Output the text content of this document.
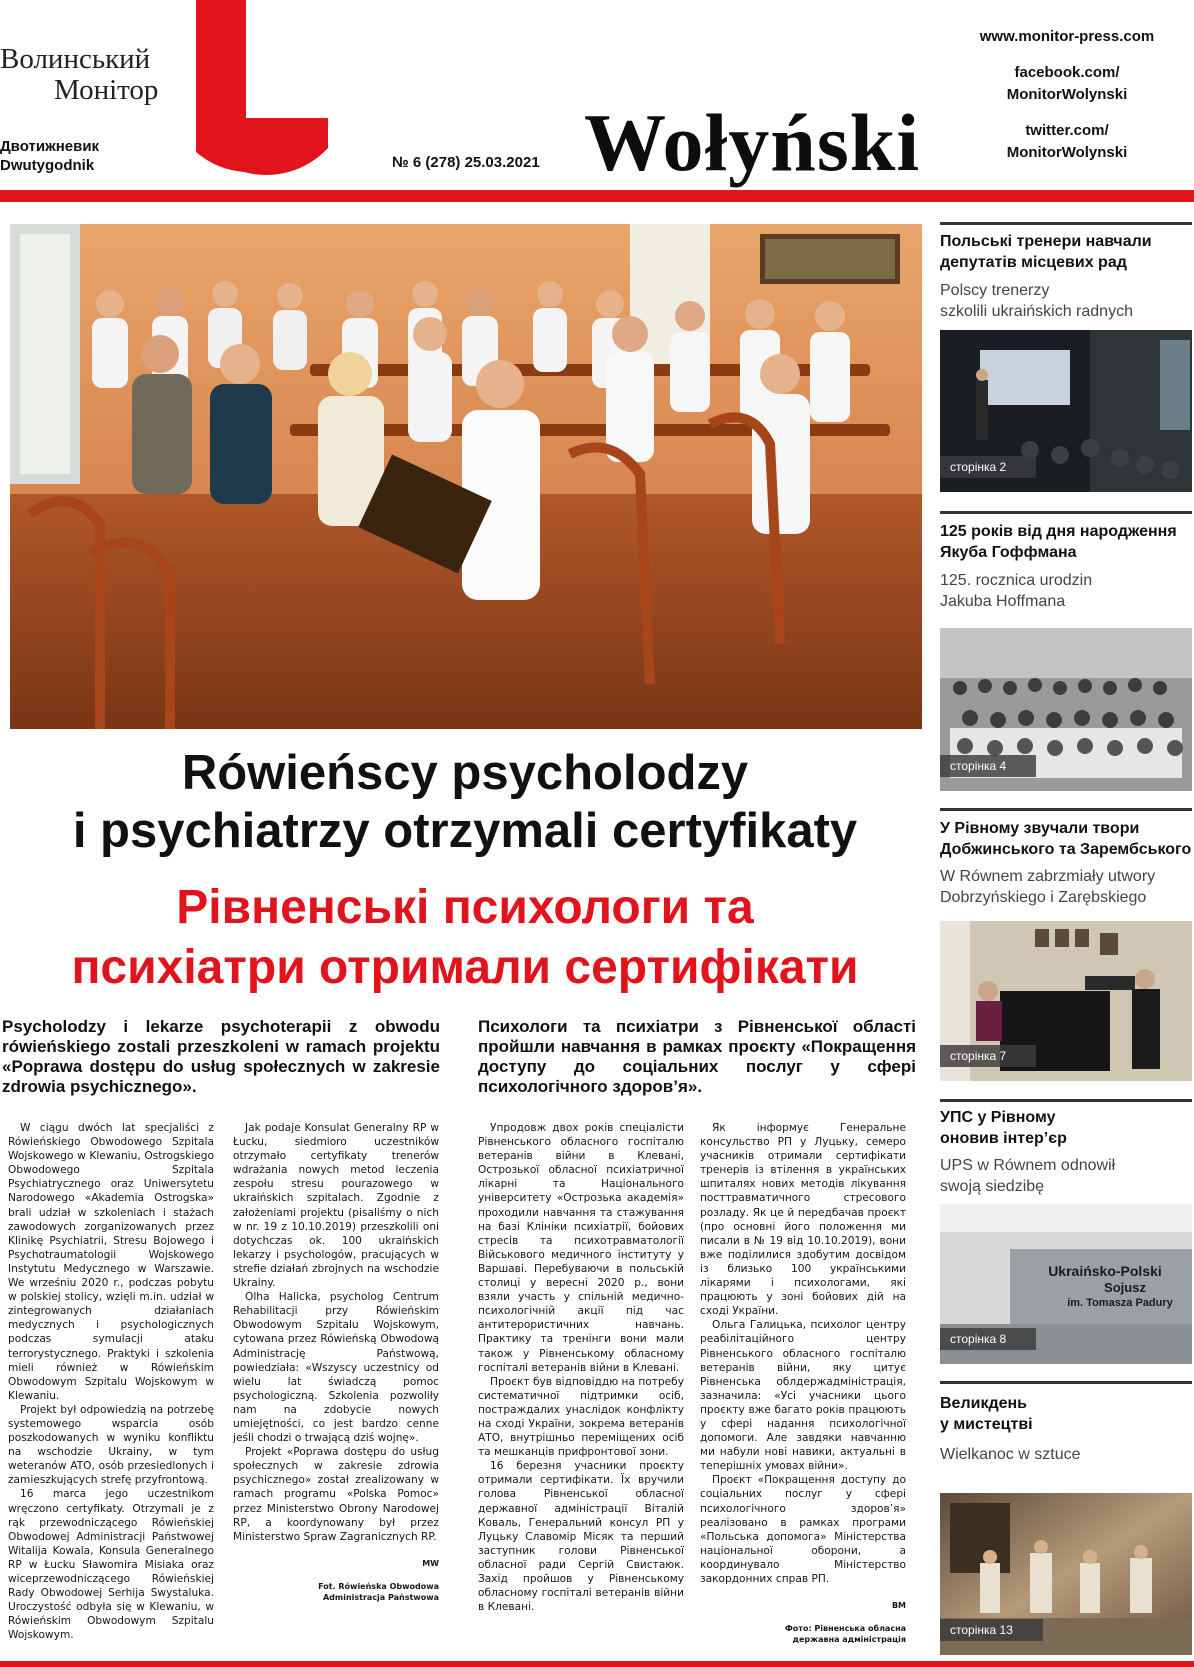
Волинський
Монітор
Двотижневик
Dwutygodnik	№ 6 (278) 25.03.2021 Wołyński
www.monitor-press.com
facebook.com/
MonitorWolynski
twitter.com/
MonitorWolynski
Rówieńscy psycholodzy
i psychiatrzy otrzymali certyfikaty
Рівненські психологи та
психіатри отримали сертифікати
Psycholodzy i lekarze psychoterapii z obwodu rówieńskiego zostali przeszkoleni w ramach projektu «Poprawa dostępu do usług społecznych w zakresie zdrowia psychicznego».
Психологи та психіатри з Рівненської області пройшли навчання в рамках проєкту «Покращення доступу до соціальних послуг у сфері психологічного здоров’я».

W ciągu dwóch lat specjaliści z Rówieńskiego Obwodowego Szpitala Wojskowego w Klewaniu, Ostrogskiego Obwodowego Szpitala Psychiatrycznego oraz Uniwersytetu Narodowego «Akademia Ostrogska» brali udział w szkoleniach i stażach zawodowych zorganizowanych przez Klinikę Psychiatrii, Stresu Bojowego i Psychotraumatologii Wojskowego Instytutu Medycznego w Warszawie. We wrześniu 2020 r., podczas pobytu w polskiej stolicy, wzięli m.in. udział w zintegrowanych działaniach medycznych i psychologicznych podczas symulacji ataku terrorystycznego. Praktyki i szkolenia mieli również w Rówieńskim Obwodowym Szpitalu Wojskowym w Klewaniu.

Projekt był odpowiedzią na potrzebę systemowego wsparcia osób poszkodowanych w wyniku konfliktu na wschodzie Ukrainy, w tym weteranów ATO, osób przesiedlonych i zamieszkujących strefę przyfrontową.

16 marca jego uczestnikom wręczono certyfikaty. Otrzymali je z rąk przewodniczącego Rówieńskiej Obwodowej Administracji Państwowej Witalija Kowala, Konsula Generalnego RP w Łucku Sławomira Misiaka oraz wiceprzewodniczącego Rówieńskiej Rady Obwodowej Serhija Swystaluka. Uroczystość odbyła się w Klewaniu, w Rówieńskim Obwodowym Szpitalu Wojskowym.

Jak podaje Konsulat Generalny RP w Łucku, siedmioro uczestników otrzymało certyfikaty trenerów wdrażania nowych metod leczenia zespołu stresu pourazowego w ukraińskich szpitalach. Zgodnie z założeniami projektu (pisaliśmy o nich w nr. 19 z 10.10.2019) przeszkolili oni dotychczas ok. 100 ukraińskich lekarzy i psychologów, pracujących w strefie działań zbrojnych na wschodzie Ukrainy.

Olha Halicka, psycholog Centrum Rehabilitacji przy Rówieńskim Obwodowym Szpitalu Wojskowym, cytowana przez Rówieńską Obwodową Administrację Państwową, powiedziała: «Wszyscy uczestnicy od wielu lat świadczą pomoc psychologiczną. Szkolenia pozwoliły nam na zdobycie nowych umiejętności, co jest bardzo cenne jeśli chodzi o trwającą dziś wojnę».

Projekt «Poprawa dostępu do usług społecznych w zakresie zdrowia psychicznego» został zrealizowany w ramach programu «Polska Pomoc» przez Ministerstwo Obrony Narodowej RP, a koordynowany był przez Ministerstwo Spraw Zagranicznych RP.

MW
Fot. Rówieńska Obwodowa
Administracja Państwowa

Упродовж двох років спеціалісти Рівненського обласного госпіталю ветеранів війни в Клевані, Острозької обласної психіатричної лікарні та Національного університету «Острозька академія» проходили навчання та стажування на базі Клініки психіатрії, бойових стресів та психотравматології Військового медичного інституту у Варшаві. Перебуваючи в польській столиці у вересні 2020 р., вони взяли участь у спільній медично-психологічній акції під час антитерористичних навчань. Практику та тренінги вони мали також у Рівненському обласному госпіталі ветеранів війни в Клевані.

Проєкт був відповіддю на потребу систематичної підтримки осіб, постраждалих унаслідок конфлікту на сході України, зокрема ветеранів АТО, внутрішньо переміщених осіб та мешканців прифронтової зони.

16 березня учасники проєкту отримали сертифікати. Їх вручили голова Рівненської обласної державної адміністрації Віталій Коваль, Генеральний консул РП у Луцьку Славомір Місяк та перший заступник голови Рівненської обласної ради Сергій Свистаюк. Захід пройшов у Рівненському обласному госпіталі ветеранів війни в Клевані.

Як інформує Генеральне консульство РП у Луцьку, семеро учасників отримали сертифікати тренерів із втілення в українських шпиталях нових методів лікування посттравматичного стресового розладу. Як це й передбачав проєкт (про основні його положення ми писали в № 19 від 10.10.2019), вони вже поділилися здобутим досвідом із близько 100 українськими лікарями і психологами, які працюють у зоні бойових дій на сході України.

Ольга Галицька, психолог центру реабілітаційного центру Рівненського обласного госпіталю ветеранів війни, яку цитує Рівненська облдержадміністрація, зазначила: «Усі учасники цього проєкту вже багато років працюють у сфері надання психологічної допомоги. Але завдяки навчанню ми набули нові навики, актуальні в теперішніх умовах війни».

Проєкт «Покращення доступу до соціальних послуг у сфері психологічного здоров’я» реалізовано в рамках програми «Польська допомога» Міністерства національної оборони, а координувало Міністерство закордонних справ РП.

ВМ
Фото: Рівненська обласна
державна адміністрація
Польські тренери навчали
депутатів місцевих рад
Polscy trenerzy
szkolili ukraińskich radnych
сторінка 2
125 років від дня народження
Якуба Гоффмана
125. rocznica urodzin
Jakuba Hoffmana
сторінка 4
У Рівному звучали твори
Добжинського та Зарембського
W Równem zabrzmiały utwory
Dobrzyńskiego i Zarębskiego
сторінка 7
УПС у Рівному
оновив інтер’єр
UPS w Równem odnowił
swoją siedzibę
Ukraińsko-Polski
Sojusz
im. Tomasza Padury
сторінка 8
Великдень
у мистецтві
Wielkanoc w sztuce
сторінка 13
